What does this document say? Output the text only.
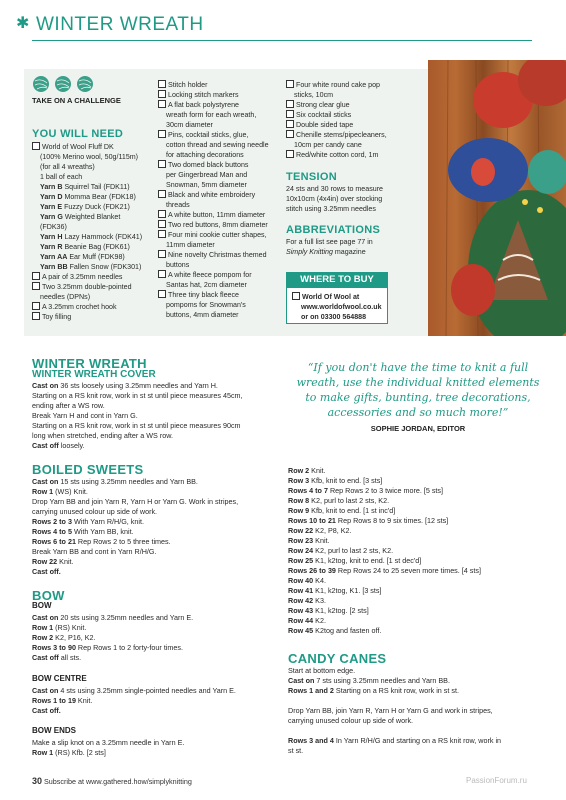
✱ WINTER WREATH
TAKE ON A CHALLENGE
YOU WILL NEED
World of Wool Fluff DK
(100% Merino wool, 50g/115m)
(for all 4 wreaths)
1 ball of each
Yarn B Squirrel Tail (FDK11)
Yarn D Momma Bear (FDK18)
Yarn E Fuzzy Duck (FDK21)
Yarn G Weighted Blanket
(FDK36)
Yarn H Lazy Hammock (FDK41)
Yarn R Beanie Bag (FDK61)
Yarn AA Ear Muff (FDK98)
Yarn BB Fallen Snow (FDK301)
A pair of 3.25mm needles
Two 3.25mm double-pointed
needles (DPNs)
A 3.25mm crochet hook
Toy filling
Stitch holder
Locking stitch markers
A flat back polystyrene
wreath form for each wreath,
30cm diameter
Pins, cocktail sticks, glue,
cotton thread and sewing needle
for attaching decorations
Two domed black buttons
per Gingerbread Man and
Snowman, 5mm diameter
Black and white embroidery
threads
A white button, 11mm diameter
Two red buttons, 8mm diameter
Four mini cookie cutter shapes,
11mm diameter
Nine novelty Christmas themed
buttons
A white fleece pompom for
Santas hat, 2cm diameter
Three tiny black fleece
pompoms for Snowman's
buttons, 4mm diameter
Four white round cake pop
sticks, 10cm
Strong clear glue
Six cocktail sticks
Double sided tape
Chenille stems/pipecleaners,
10cm per candy cane
Red/white cotton cord, 1m
TENSION
24 sts and 30 rows to measure
10x10cm (4x4in) over stocking
stitch using 3.25mm needles
ABBREVIATIONS
For a full list see page 77 in
Simply Knitting magazine
WHERE TO BUY
World Of Wool at
www.worldofwool.co.uk
or on 03300 564888
WINTER WREATH
WINTER WREATH COVER
Cast on 36 sts loosely using 3.25mm needles and Yarn H.
Starting on a RS knit row, work in st st until piece measures 45cm,
ending after a WS row.
Break Yarn H and cont in Yarn G.
Starting on a RS knit row, work in st st until piece measures 90cm
long when stretched, ending after a WS row.
Cast off loosely.
BOILED SWEETS
Cast on 15 sts using 3.25mm needles and Yarn BB.
Row 1 (WS) Knit.
Drop Yarn BB and join Yarn R, Yarn H or Yarn G. Work in stripes,
carrying unused colour up side of work.
Rows 2 to 3 With Yarn R/H/G, knit.
Rows 4 to 5 With Yarn BB, knit.
Rows 6 to 21 Rep Rows 2 to 5 three times.
Break Yarn BB and cont in Yarn R/H/G.
Row 22 Knit.
Cast off.
BOW
BOW
Cast on 20 sts using 3.25mm needles and Yarn E.
Row 1 (RS) Knit.
Row 2 K2, P16, K2.
Rows 3 to 90 Rep Rows 1 to 2 forty-four times.
Cast off all sts.
BOW CENTRE
Cast on 4 sts using 3.25mm single-pointed needles and Yarn E.
Rows 1 to 19 Knit.
Cast off.
BOW ENDS
Make a slip knot on a 3.25mm needle in Yarn E.
Row 1 (RS) Kfb. [2 sts]
“If you don't have the time to knit a full
wreath, use the individual knitted elements
to make gifts, bunting, tree decorations,
accessories and so much more!”
SOPHIE JORDAN, EDITOR
Row 2 Knit.
Row 3 Kfb, knit to end. [3 sts]
Rows 4 to 7 Rep Rows 2 to 3 twice more. [5 sts]
Row 8 K2, purl to last 2 sts, K2.
Row 9 Kfb, knit to end. [1 st inc'd]
Rows 10 to 21 Rep Rows 8 to 9 six times. [12 sts]
Row 22 K2, P8, K2.
Row 23 Knit.
Row 24 K2, purl to last 2 sts, K2.
Row 25 K1, k2tog, knit to end. [1 st dec'd]
Rows 26 to 39 Rep Rows 24 to 25 seven more times. [4 sts]
Row 40 K4.
Row 41 K1, k2tog, K1. [3 sts]
Row 42 K3.
Row 43 K1, k2tog. [2 sts]
Row 44 K2.
Row 45 K2tog and fasten off.
CANDY CANES
Start at bottom edge.
Cast on 7 sts using 3.25mm needles and Yarn BB.
Rows 1 and 2 Starting on a RS knit row, work in st st.

Drop Yarn BB, join Yarn R, Yarn H or Yarn G and work in stripes,
carrying unused colour up side of work.

Rows 3 and 4 In Yarn R/H/G and starting on a RS knit row, work in
st st.
30 Subscribe at www.gathered.how/simplyknitting	PassionForum.ru
